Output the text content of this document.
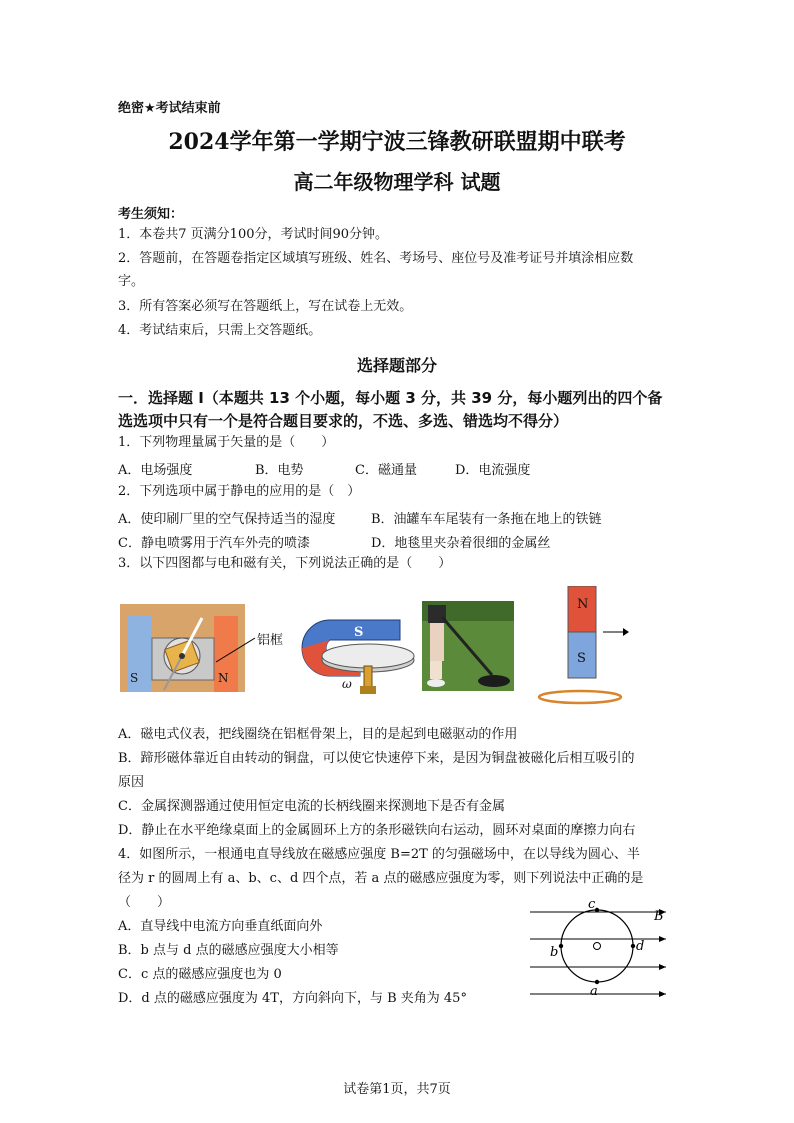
绝密★考试结束前
2024学年第一学期宁波三锋教研联盟期中联考
高二年级物理学科 试题
考生须知：
1．本卷共7 页满分100分，考试时间90分钟。
2．答题前，在答题卷指定区域填写班级、姓名、考场号、座位号及准考证号并填涂相应数
字。
3．所有答案必须写在答题纸上，写在试卷上无效。
4．考试结束后，只需上交答题纸。
选择题部分
一．选择题 I（本题共 13 个小题，每小题 3 分，共 39 分，每小题列出的四个备
选选项中只有一个是符合题目要求的，不选、多选、错选均不得分）
1．下列物理量属于矢量的是（　　）
A．电场强度	B．电势	C．磁通量	D．电流强度
2．下列选项中属于静电的应用的是（　）
A．使印刷厂里的空气保持适当的湿度	B．油罐车车尾装有一条拖在地上的铁链
C．静电喷雾用于汽车外壳的喷漆	D．地毯里夹杂着很细的金属丝
3．以下四图都与电和磁有关，下列说法正确的是（　　）
铝框
S	N
S
ω
N
S
A．磁电式仪表，把线圈绕在铝框骨架上，目的是起到电磁驱动的作用
B．蹄形磁体靠近自由转动的铜盘，可以使它快速停下来，是因为铜盘被磁化后相互吸引的
原因
C．金属探测器通过使用恒定电流的长柄线圈来探测地下是否有金属
D．静止在水平绝缘桌面上的金属圆环上方的条形磁铁向右运动，圆环对桌面的摩擦力向右
4．如图所示，一根通电直导线放在磁感应强度 B=2T 的匀强磁场中，在以导线为圆心、半
径为 r 的圆周上有 a、b、c、d 四个点，若 a 点的磁感应强度为零，则下列说法中正确的是
（　　）
A．直导线中电流方向垂直纸面向外
B．b 点与 d 点的磁感应强度大小相等
C．c 点的磁感应强度也为 0
D．d 点的磁感应强度为 4T，方向斜向下，与 B 夹角为 45°
c
b	d
a
B
试卷第1页，共7页
